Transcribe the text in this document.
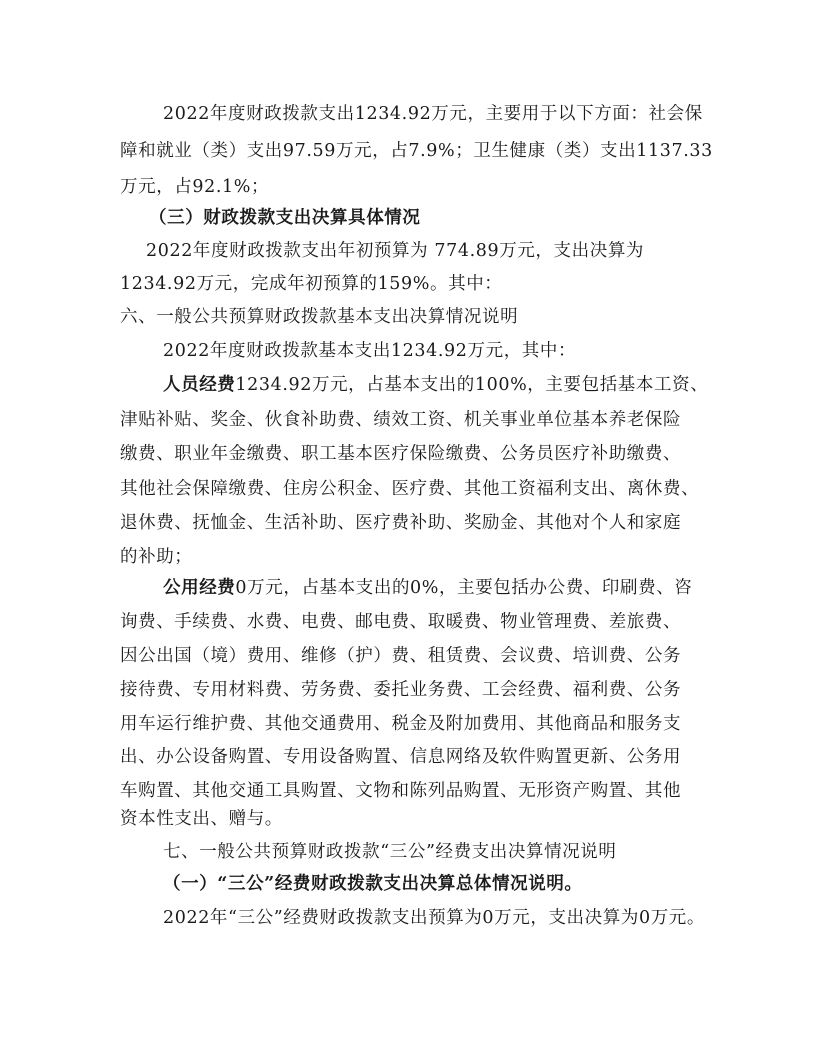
2022年度财政拨款支出1234.92万元，主要用于以下方面：社会保
障和就业（类）支出97.59万元，占7.9%；卫生健康（类）支出1137.33
万元，占92.1%；
（三）财政拨款支出决算具体情况
2022年度财政拨款支出年初预算为 774.89万元，支出决算为
1234.92万元，完成年初预算的159%。其中：
六、一般公共预算财政拨款基本支出决算情况说明
2022年度财政拨款基本支出1234.92万元，其中：
人员经费1234.92万元，占基本支出的100%，主要包括基本工资、
津贴补贴、奖金、伙食补助费、绩效工资、机关事业单位基本养老保险
缴费、职业年金缴费、职工基本医疗保险缴费、公务员医疗补助缴费、
其他社会保障缴费、住房公积金、医疗费、其他工资福利支出、离休费、
退休费、抚恤金、生活补助、医疗费补助、奖励金、其他对个人和家庭
的补助；
公用经费0万元，占基本支出的0%，主要包括办公费、印刷费、咨
询费、手续费、水费、电费、邮电费、取暖费、物业管理费、差旅费、
因公出国（境）费用、维修（护）费、租赁费、会议费、培训费、公务
接待费、专用材料费、劳务费、委托业务费、工会经费、福利费、公务
用车运行维护费、其他交通费用、税金及附加费用、其他商品和服务支
出、办公设备购置、专用设备购置、信息网络及软件购置更新、公务用
车购置、其他交通工具购置、文物和陈列品购置、无形资产购置、其他
资本性支出、赠与。
七、一般公共预算财政拨款“三公”经费支出决算情况说明
（一）“三公”经费财政拨款支出决算总体情况说明。
2022年“三公”经费财政拨款支出预算为0万元，支出决算为0万元。
